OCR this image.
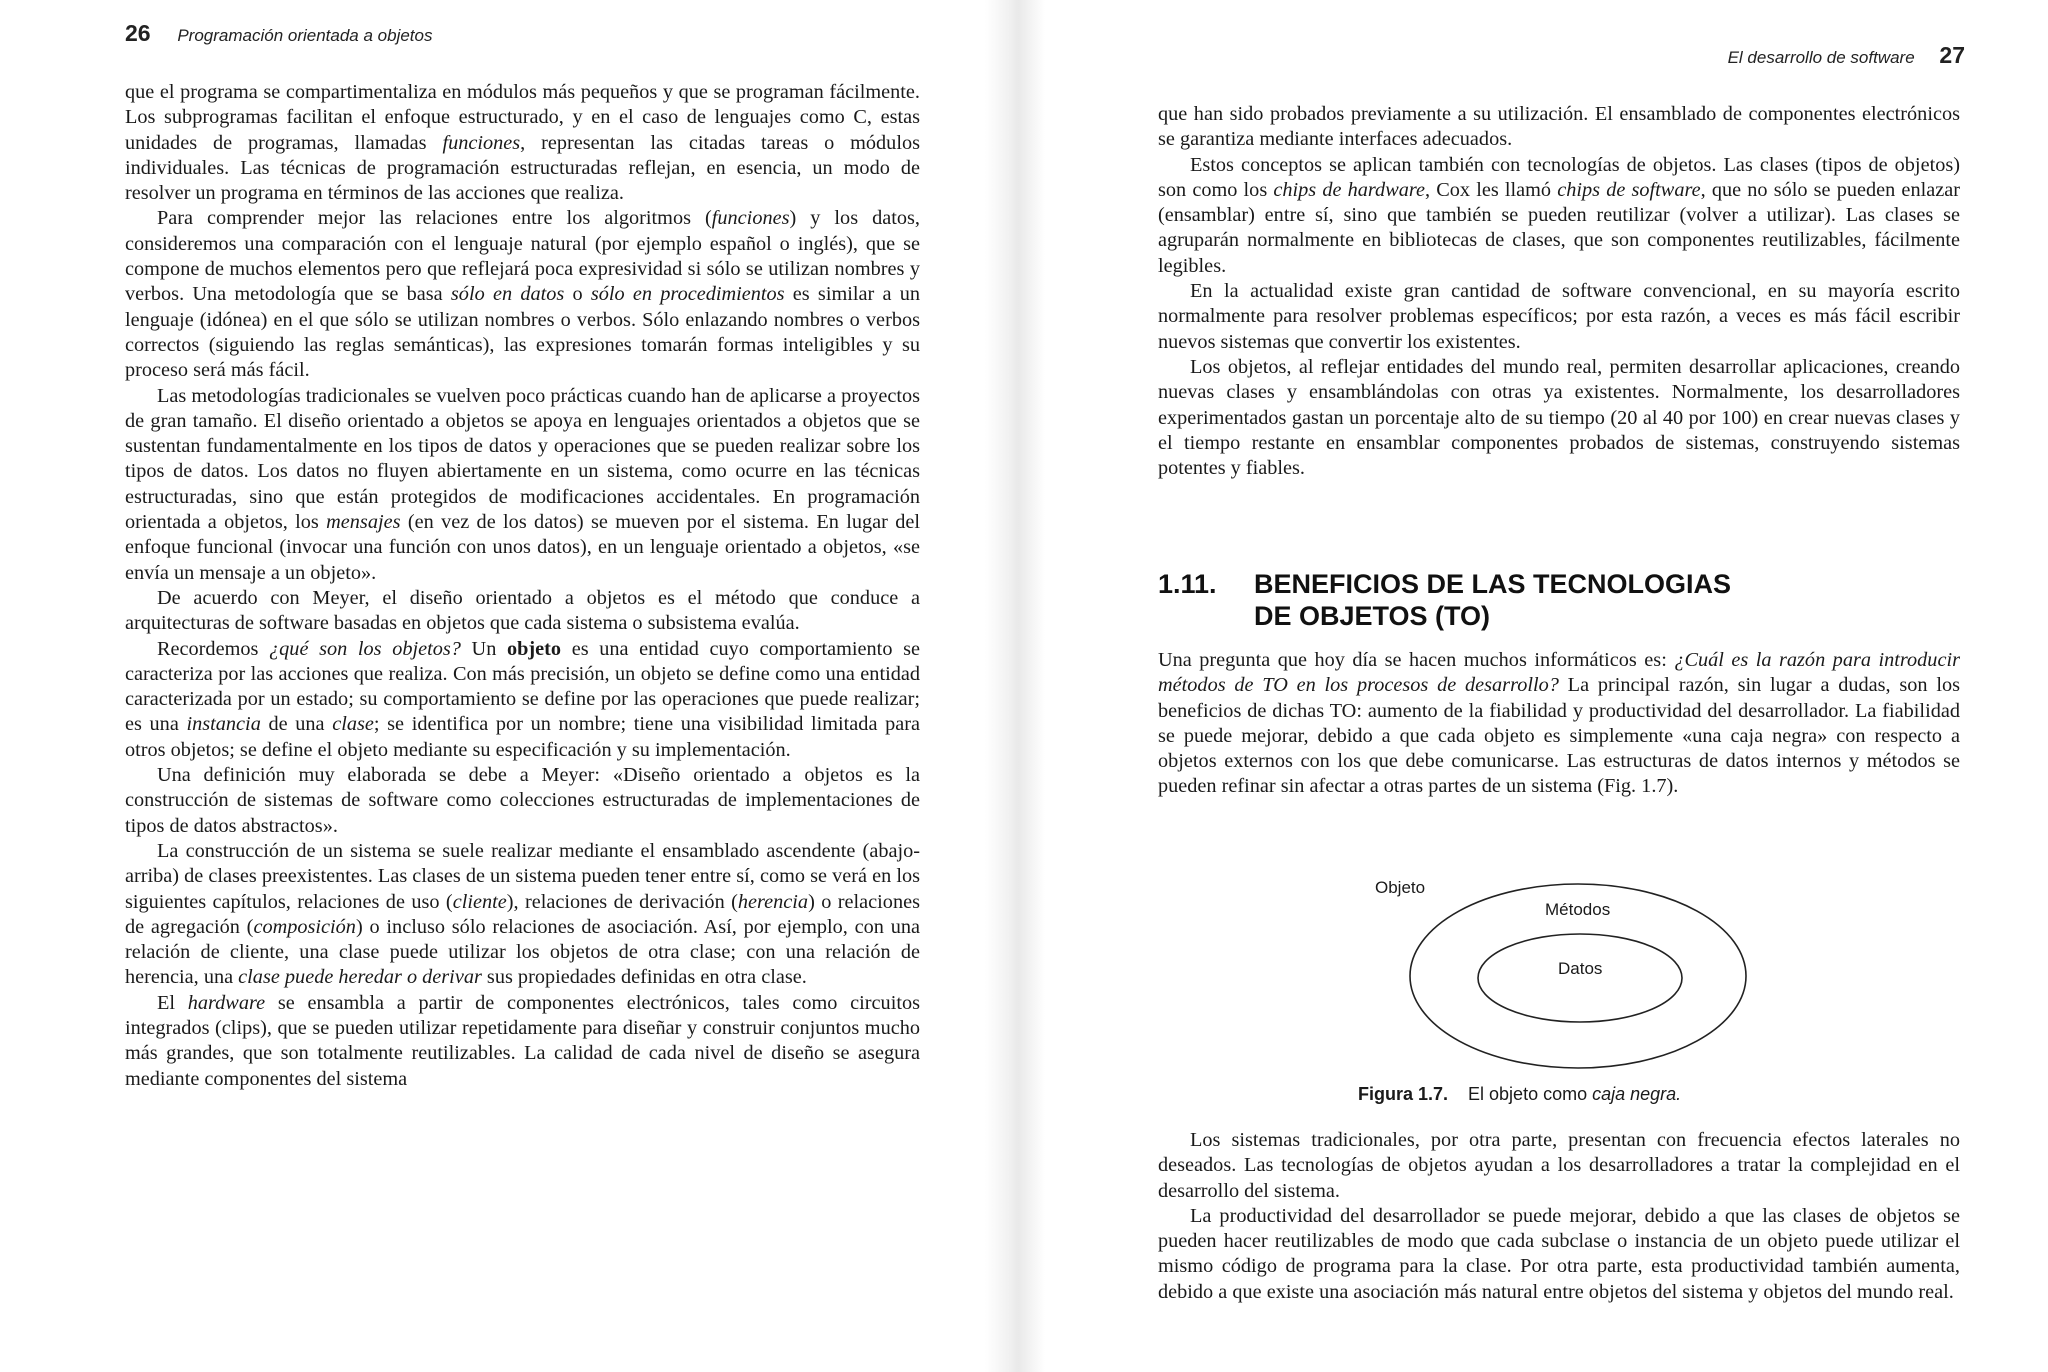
26 Programación orientada a objetos
El desarrollo de software 27

que el programa se compartimentaliza en módulos más pequeños y que se programan fácilmente. Los subprogramas facilitan el enfoque estructurado, y en el caso de lenguajes como C, estas unidades de programas, llamadas funciones, representan las citadas tareas o módulos individuales. Las técnicas de programación estructuradas reflejan, en esencia, un modo de resolver un programa en términos de las acciones que realiza.

Para comprender mejor las relaciones entre los algoritmos (funciones) y los datos, consideremos una comparación con el lenguaje natural (por ejemplo español o inglés), que se compone de muchos elementos pero que reflejará poca expresividad si sólo se utilizan nombres y verbos. Una metodología que se basa sólo en datos o sólo en procedimientos es similar a un lenguaje (idónea) en el que sólo se utilizan nombres o verbos. Sólo enlazando nombres o verbos correctos (siguiendo las reglas semánticas), las expresiones tomarán formas inteligibles y su proceso será más fácil.

Las metodologías tradicionales se vuelven poco prácticas cuando han de aplicarse a proyectos de gran tamaño. El diseño orientado a objetos se apoya en lenguajes orientados a objetos que se sustentan fundamentalmente en los tipos de datos y operaciones que se pueden realizar sobre los tipos de datos. Los datos no fluyen abiertamente en un sistema, como ocurre en las técnicas estructuradas, sino que están protegidos de modificaciones accidentales. En programación orientada a objetos, los mensajes (en vez de los datos) se mueven por el sistema. En lugar del enfoque funcional (invocar una función con unos datos), en un lenguaje orientado a objetos, «se envía un mensaje a un objeto».

De acuerdo con Meyer, el diseño orientado a objetos es el método que conduce a arquitecturas de software basadas en objetos que cada sistema o subsistema evalúa.

Recordemos ¿qué son los objetos? Un objeto es una entidad cuyo comportamiento se caracteriza por las acciones que realiza. Con más precisión, un objeto se define como una entidad caracterizada por un estado; su comportamiento se define por las operaciones que puede realizar; es una instancia de una clase; se identifica por un nombre; tiene una visibilidad limitada para otros objetos; se define el objeto mediante su especificación y su implementación.

Una definición muy elaborada se debe a Meyer: «Diseño orientado a objetos es la construcción de sistemas de software como colecciones estructuradas de implementaciones de tipos de datos abstractos».

La construcción de un sistema se suele realizar mediante el ensamblado ascendente (abajo-arriba) de clases preexistentes. Las clases de un sistema pueden tener entre sí, como se verá en los siguientes capítulos, relaciones de uso (cliente), relaciones de derivación (herencia) o relaciones de agregación (composición) o incluso sólo relaciones de asociación. Así, por ejemplo, con una relación de cliente, una clase puede utilizar los objetos de otra clase; con una relación de herencia, una clase puede heredar o derivar sus propiedades definidas en otra clase.

El hardware se ensambla a partir de componentes electrónicos, tales como circuitos integrados (clips), que se pueden utilizar repetidamente para diseñar y construir conjuntos mucho más grandes, que son totalmente reutilizables. La calidad de cada nivel de diseño se asegura mediante componentes del sistema

que han sido probados previamente a su utilización. El ensamblado de componentes electrónicos se garantiza mediante interfaces adecuados.

Estos conceptos se aplican también con tecnologías de objetos. Las clases (tipos de objetos) son como los chips de hardware, Cox les llamó chips de software, que no sólo se pueden enlazar (ensamblar) entre sí, sino que también se pueden reutilizar (volver a utilizar). Las clases se agruparán normalmente en bibliotecas de clases, que son componentes reutilizables, fácilmente legibles.

En la actualidad existe gran cantidad de software convencional, en su mayoría escrito normalmente para resolver problemas específicos; por esta razón, a veces es más fácil escribir nuevos sistemas que convertir los existentes.

Los objetos, al reflejar entidades del mundo real, permiten desarrollar aplicaciones, creando nuevas clases y ensamblándolas con otras ya existentes. Normalmente, los desarrolladores experimentados gastan un porcentaje alto de su tiempo (20 al 40 por 100) en crear nuevas clases y el tiempo restante en ensamblar componentes probados de sistemas, construyendo sistemas potentes y fiables.

1.11. BENEFICIOS DE LAS TECNOLOGIAS
DE OBJETOS (TO)

Una pregunta que hoy día se hacen muchos informáticos es: ¿Cuál es la razón para introducir métodos de TO en los procesos de desarrollo? La principal razón, sin lugar a dudas, son los beneficios de dichas TO: aumento de la fiabilidad y productividad del desarrollador. La fiabilidad se puede mejorar, debido a que cada objeto es simplemente «una caja negra» con respecto a objetos externos con los que debe comunicarse. Las estructuras de datos internos y métodos se pueden refinar sin afectar a otras partes de un sistema (Fig. 1.7).

Objeto
Métodos
Datos
Figura 1.7. El objeto como caja negra.

Los sistemas tradicionales, por otra parte, presentan con frecuencia efectos laterales no deseados. Las tecnologías de objetos ayudan a los desarrolladores a tratar la complejidad en el desarrollo del sistema.

La productividad del desarrollador se puede mejorar, debido a que las clases de objetos se pueden hacer reutilizables de modo que cada subclase o instancia de un objeto puede utilizar el mismo código de programa para la clase. Por otra parte, esta productividad también aumenta, debido a que existe una asociación más natural entre objetos del sistema y objetos del mundo real.
